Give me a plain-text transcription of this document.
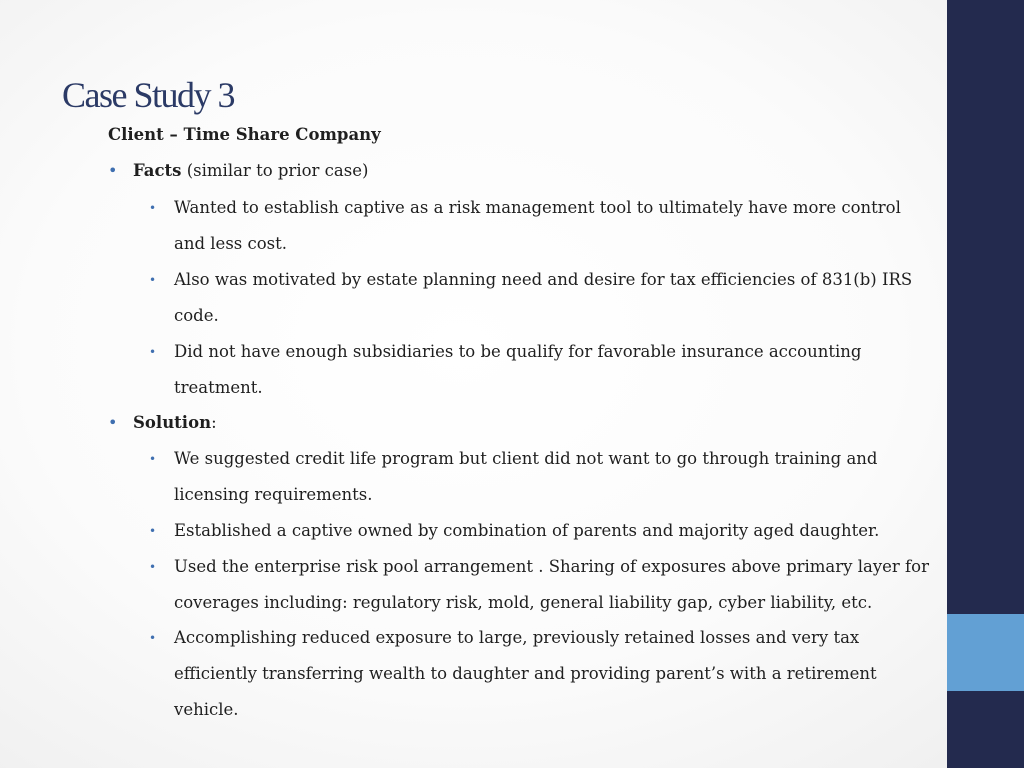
Case Study 3
Client – Time Share Company
• Facts (similar to prior case)
• Wanted to establish captive as a risk management tool to ultimately have more control and less cost.
• Also was motivated by estate planning need and desire for tax efficiencies of 831(b) IRS code.
• Did not have enough subsidiaries to be qualify for favorable insurance accounting treatment.
• Solution:
• We suggested credit life program but client did not want to go through training and licensing requirements.
• Established a captive owned by combination of parents and majority aged daughter.
• Used the enterprise risk pool arrangement . Sharing of exposures above primary layer for coverages including: regulatory risk, mold, general liability gap, cyber liability, etc.
• Accomplishing reduced exposure to large, previously retained losses and very tax efficiently transferring wealth to daughter and providing parent’s with a retirement vehicle.
